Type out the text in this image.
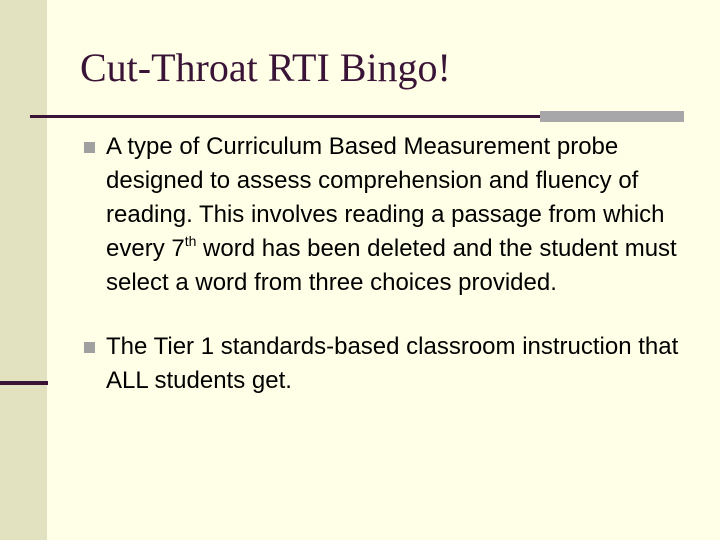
Cut-Throat RTI Bingo!
A type of Curriculum Based Measurement probe designed to assess comprehension and fluency of reading. This involves reading a passage from which every 7th word has been deleted and the student must select a word from three choices provided.
The Tier 1 standards-based classroom instruction that ALL students get.
